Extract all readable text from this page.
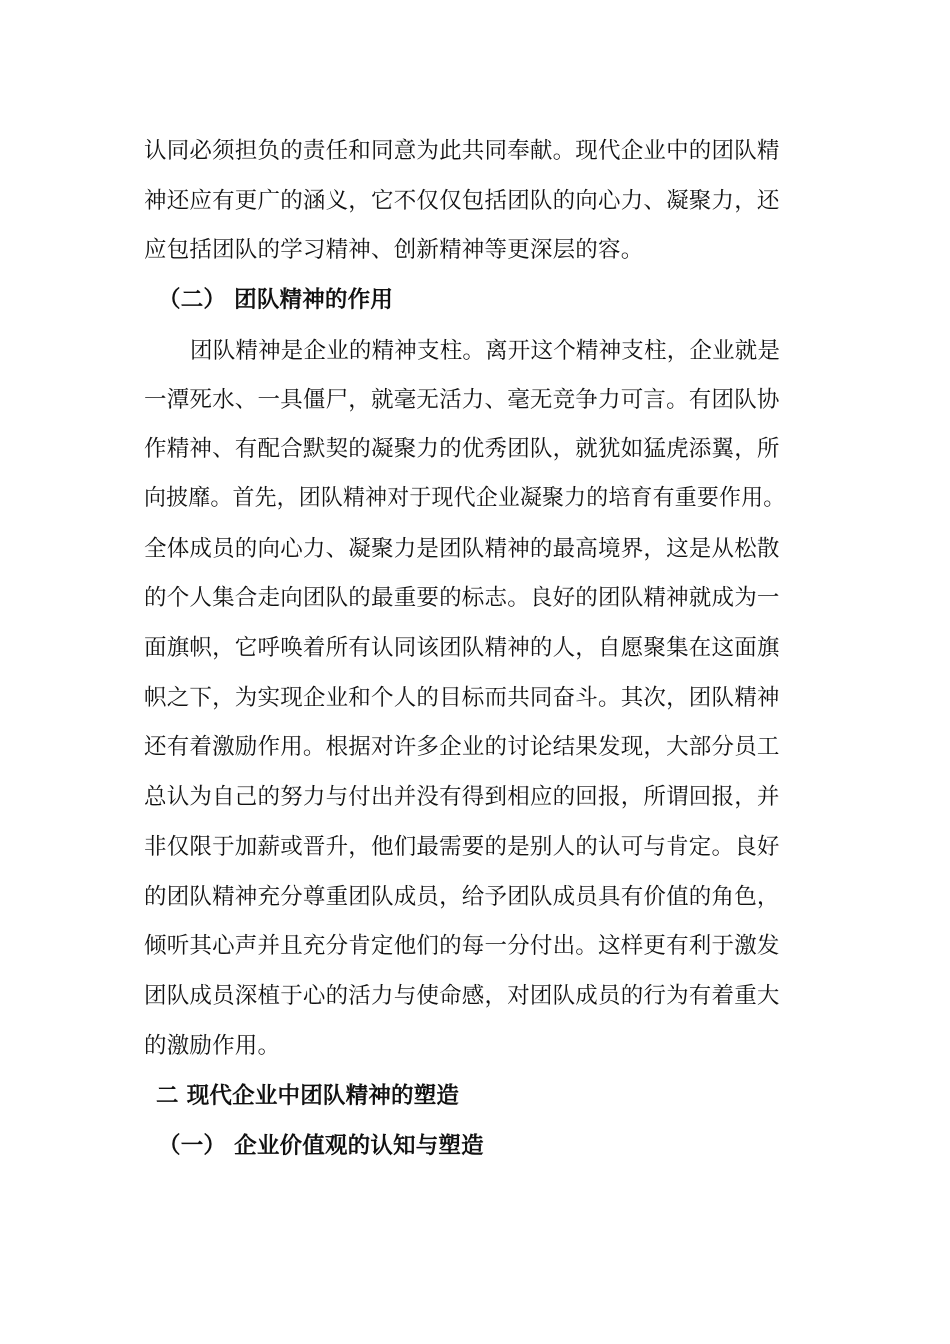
认同必须担负的责任和同意为此共同奉献。现代企业中的团队精
神还应有更广的涵义，它不仅仅包括团队的向心力、凝聚力，还
应包括团队的学习精神、创新精神等更深层的容。
（二） 团队精神的作用
团队精神是企业的精神支柱。离开这个精神支柱，企业就是
一潭死水、一具僵尸，就毫无活力、毫无竞争力可言。有团队协
作精神、有配合默契的凝聚力的优秀团队，就犹如猛虎添翼，所
向披靡。首先，团队精神对于现代企业凝聚力的培育有重要作用。
全体成员的向心力、凝聚力是团队精神的最高境界，这是从松散
的个人集合走向团队的最重要的标志。良好的团队精神就成为一
面旗帜，它呼唤着所有认同该团队精神的人，自愿聚集在这面旗
帜之下，为实现企业和个人的目标而共同奋斗。其次，团队精神
还有着激励作用。根据对许多企业的讨论结果发现，大部分员工
总认为自己的努力与付出并没有得到相应的回报，所谓回报，并
非仅限于加薪或晋升，他们最需要的是别人的认可与肯定。良好
的团队精神充分尊重团队成员，给予团队成员具有价值的角色，
倾听其心声并且充分肯定他们的每一分付出。这样更有利于激发
团队成员深植于心的活力与使命感，对团队成员的行为有着重大
的激励作用。
二 现代企业中团队精神的塑造
（一） 企业价值观的认知与塑造
